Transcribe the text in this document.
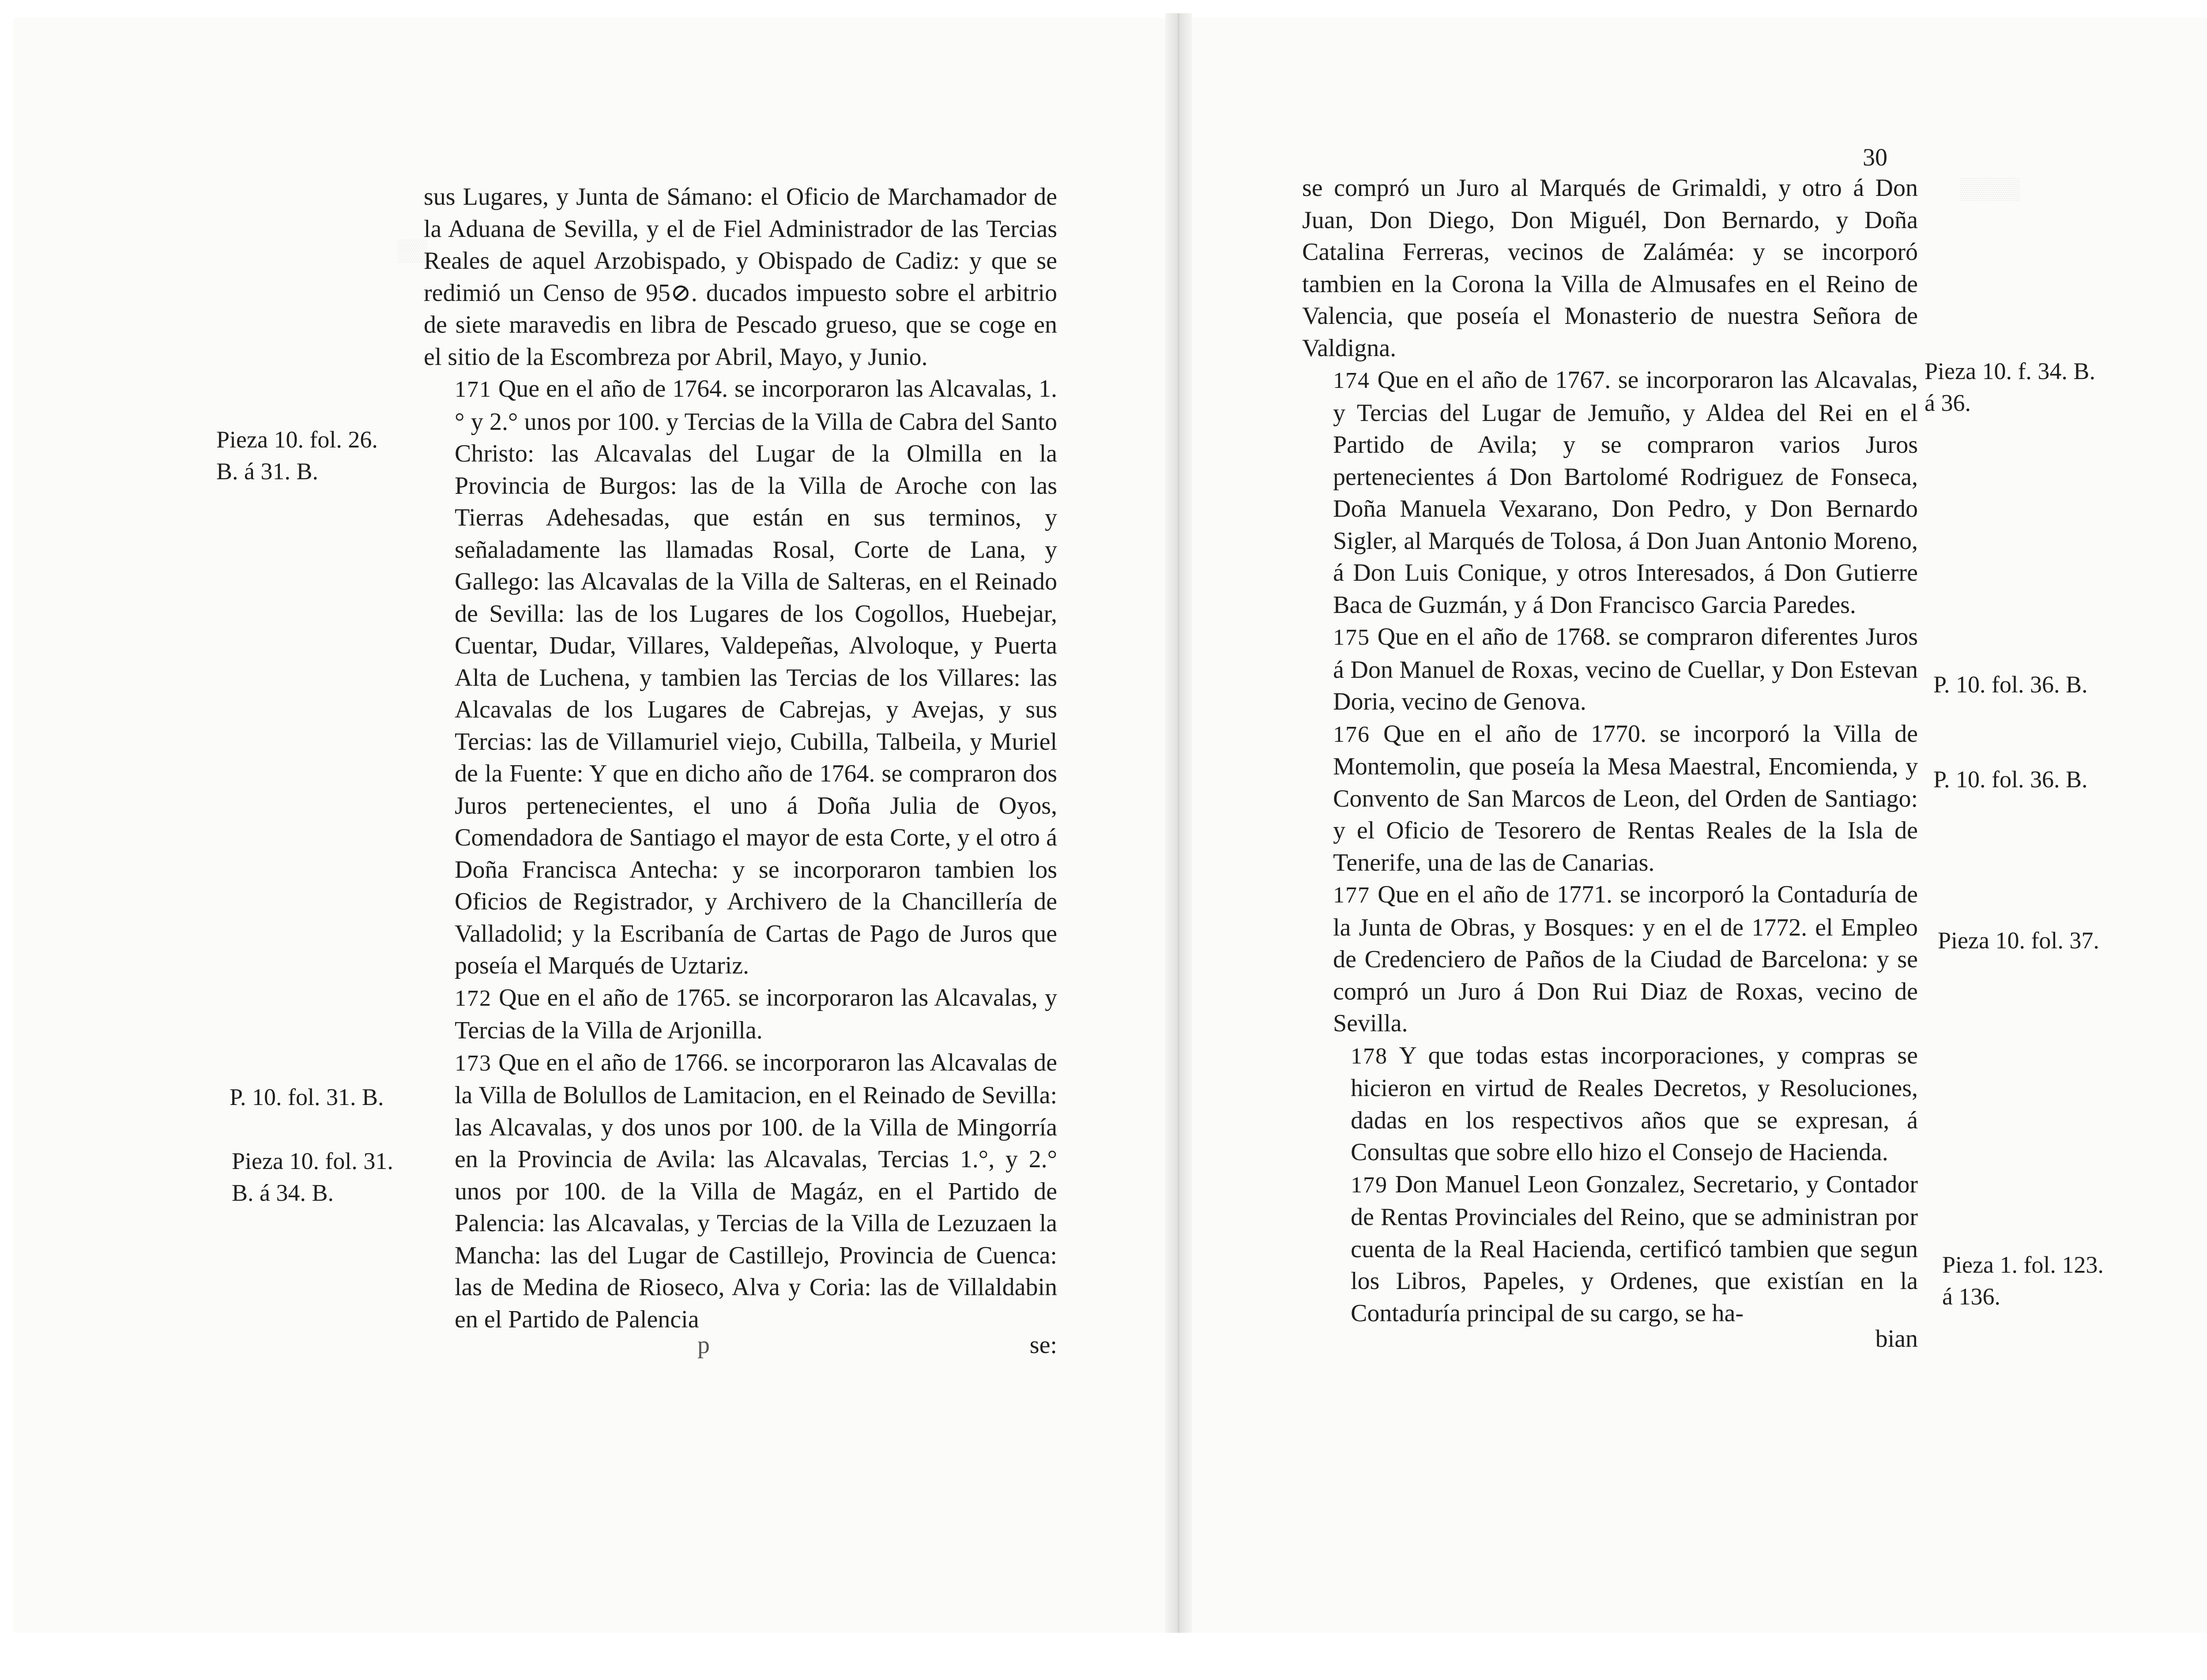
▒▒▒▒
▒▒

sus Lugares, y Junta de Sámano: el Oficio de Marchamador de la Aduana de Sevilla, y el de Fiel Administrador de las Tercias Reales de aquel Arzobispado, y Obispado de Cadiz: y que se redimió un Censo de 95⊘. ducados impuesto sobre el arbitrio de siete maravedis en libra de Pescado grueso, que se coge en el sitio de la Escombreza por Abril, Mayo, y Junio.

171 Que en el año de 1764. se incorporaron las Alcavalas, 1.° y 2.° unos por 100. y Tercias de la Villa de Cabra del Santo Christo: las Alcavalas del Lugar de la Olmilla en la Provincia de Burgos: las de la Villa de Aroche con las Tierras Adehesadas, que están en sus terminos, y señaladamente las llamadas Rosal, Corte de Lana, y Gallego: las Alcavalas de la Villa de Salteras, en el Reinado de Sevilla: las de los Lugares de los Cogollos, Huebejar, Cuentar, Dudar, Villares, Valdepeñas, Alvoloque, y Puerta Alta de Luchena, y tambien las Tercias de los Villares: las Alcavalas de los Lugares de Cabrejas, y Avejas, y sus Tercias: las de Villamuriel viejo, Cubilla, Talbeila, y Muriel de la Fuente: Y que en dicho año de 1764. se compraron dos Juros pertenecientes, el uno á Doña Julia de Oyos, Comendadora de Santiago el mayor de esta Corte, y el otro á Doña Francisca Antecha: y se incorporaron tambien los Oficios de Registrador, y Archivero de la Chancillería de Valladolid; y la Escribanía de Cartas de Pago de Juros que poseía el Marqués de Uztariz.

172 Que en el año de 1765. se incorporaron las Alcavalas, y Tercias de la Villa de Arjonilla.

173 Que en el año de 1766. se incorporaron las Alcavalas de la Villa de Bolullos de Lamitacion, en el Reinado de Sevilla: las Alcavalas, y dos unos por 100. de la Villa de Mingorría en la Provincia de Avila: las Alcavalas, Tercias 1.°, y 2.° unos por 100. de la Villa de Magáz, en el Partido de Palencia: las Alcavalas, y Tercias de la Villa de Lezuzaen la Mancha: las del Lugar de Castillejo, Provincia de Cuenca: las de Medina de Rioseco, Alva y Coria: las de Villaldabin en el Partido de Palencia

p	se:

Pieza 10. fol. 26.
B. á 31. B.
P. 10. fol. 31. B.
Pieza 10. fol. 31.
B. á 34. B.
30

se compró un Juro al Marqués de Grimaldi, y otro á Don Juan, Don Diego, Don Miguél, Don Bernardo, y Doña Catalina Ferreras, vecinos de Zaláméa: y se incorporó tambien en la Corona la Villa de Almusafes en el Reino de Valencia, que poseía el Monasterio de nuestra Señora de Valdigna.

174 Que en el año de 1767. se incorporaron las Alcavalas, y Tercias del Lugar de Jemuño, y Aldea del Rei en el Partido de Avila; y se compraron varios Juros pertenecientes á Don Bartolomé Rodriguez de Fonseca, Doña Manuela Vexarano, Don Pedro, y Don Bernardo Sigler, al Marqués de Tolosa, á Don Juan Antonio Moreno, á Don Luis Conique, y otros Interesados, á Don Gutierre Baca de Guzmán, y á Don Francisco Garcia Paredes.

175 Que en el año de 1768. se compraron diferentes Juros á Don Manuel de Roxas, vecino de Cuellar, y Don Estevan Doria, vecino de Genova.

176 Que en el año de 1770. se incorporó la Villa de Montemolin, que poseía la Mesa Maestral, Encomienda, y Convento de San Marcos de Leon, del Orden de Santiago: y el Oficio de Tesorero de Rentas Reales de la Isla de Tenerife, una de las de Canarias.

177 Que en el año de 1771. se incorporó la Contaduría de la Junta de Obras, y Bosques: y en el de 1772. el Empleo de Credenciero de Paños de la Ciudad de Barcelona: y se compró un Juro á Don Rui Diaz de Roxas, vecino de Sevilla.

178 Y que todas estas incorporaciones, y compras se hicieron en virtud de Reales Decretos, y Resoluciones, dadas en los respectivos años que se expresan, á Consultas que sobre ello hizo el Consejo de Hacienda.

179 Don Manuel Leon Gonzalez, Secretario, y Contador de Rentas Provinciales del Reino, que se administran por cuenta de la Real Hacienda, certificó tambien que segun los Libros, Papeles, y Ordenes, que existían en la Contaduría principal de su cargo, se ha-

bian

Pieza 10. f. 34. B.
á 36.
P. 10. fol. 36. B.
P. 10. fol. 36. B.
Pieza 10. fol. 37.
Pieza 1. fol. 123.
á 136.
